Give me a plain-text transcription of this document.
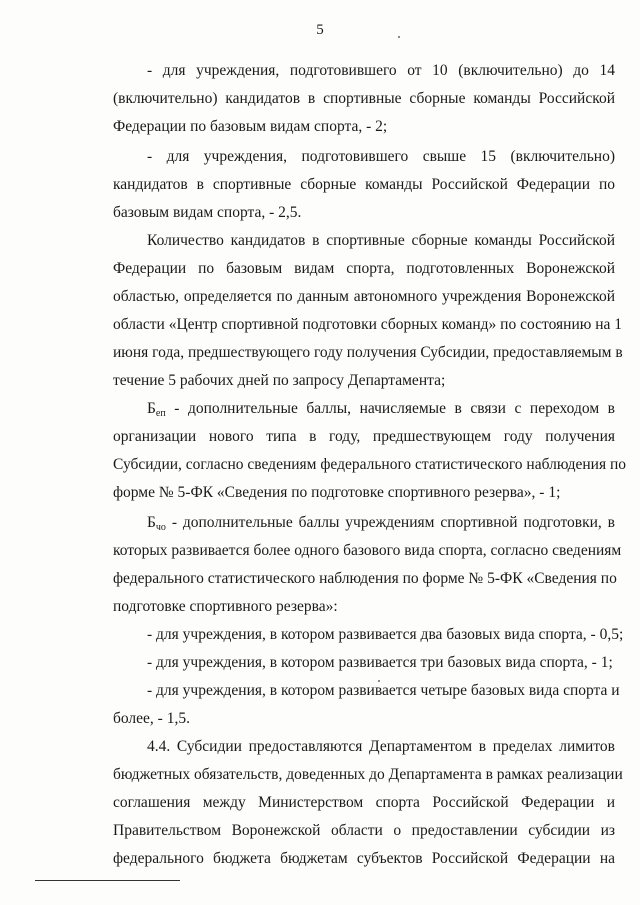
5
- для учреждения, подготовившего от 10 (включительно) до 14
(включительно) кандидатов в спортивные сборные команды Российской
Федерации по базовым видам спорта, - 2;
- для учреждения, подготовившего свыше 15 (включительно)
кандидатов в спортивные сборные команды Российской Федерации по
базовым видам спорта, - 2,5.
Количество кандидатов в спортивные сборные команды Российской
Федерации по базовым видам спорта, подготовленных Воронежской
областью, определяется по данным автономного учреждения Воронежской
области «Центр спортивной подготовки сборных команд» по состоянию на 1
июня года, предшествующего году получения Субсидии, предоставляемым в
течение 5 рабочих дней по запросу Департамента;
$Б_{еп}$ - дополнительные баллы, начисляемые в связи с переходом в
организации нового типа в году, предшествующем году получения
Субсидии, согласно сведениям федерального статистического наблюдения по
форме № 5-ФК «Сведения по подготовке спортивного резерва», - 1;
$Б_{чо}$ - дополнительные баллы учреждениям спортивной подготовки, в
которых развивается более одного базового вида спорта, согласно сведениям
федерального статистического наблюдения по форме № 5-ФК «Сведения по
подготовке спортивного резерва»:
- для учреждения, в котором развивается два базовых вида спорта, - 0,5;
- для учреждения, в котором развивается три базовых вида спорта, - 1;
- для учреждения, в котором развивается четыре базовых вида спорта и
более, - 1,5.
4.4. Субсидии предоставляются Департаментом в пределах лимитов
бюджетных обязательств, доведенных до Департамента в рамках реализации
соглашения между Министерством спорта Российской Федерации и
Правительством Воронежской области о предоставлении субсидии из
федерального бюджета бюджетам субъектов Российской Федерации на
